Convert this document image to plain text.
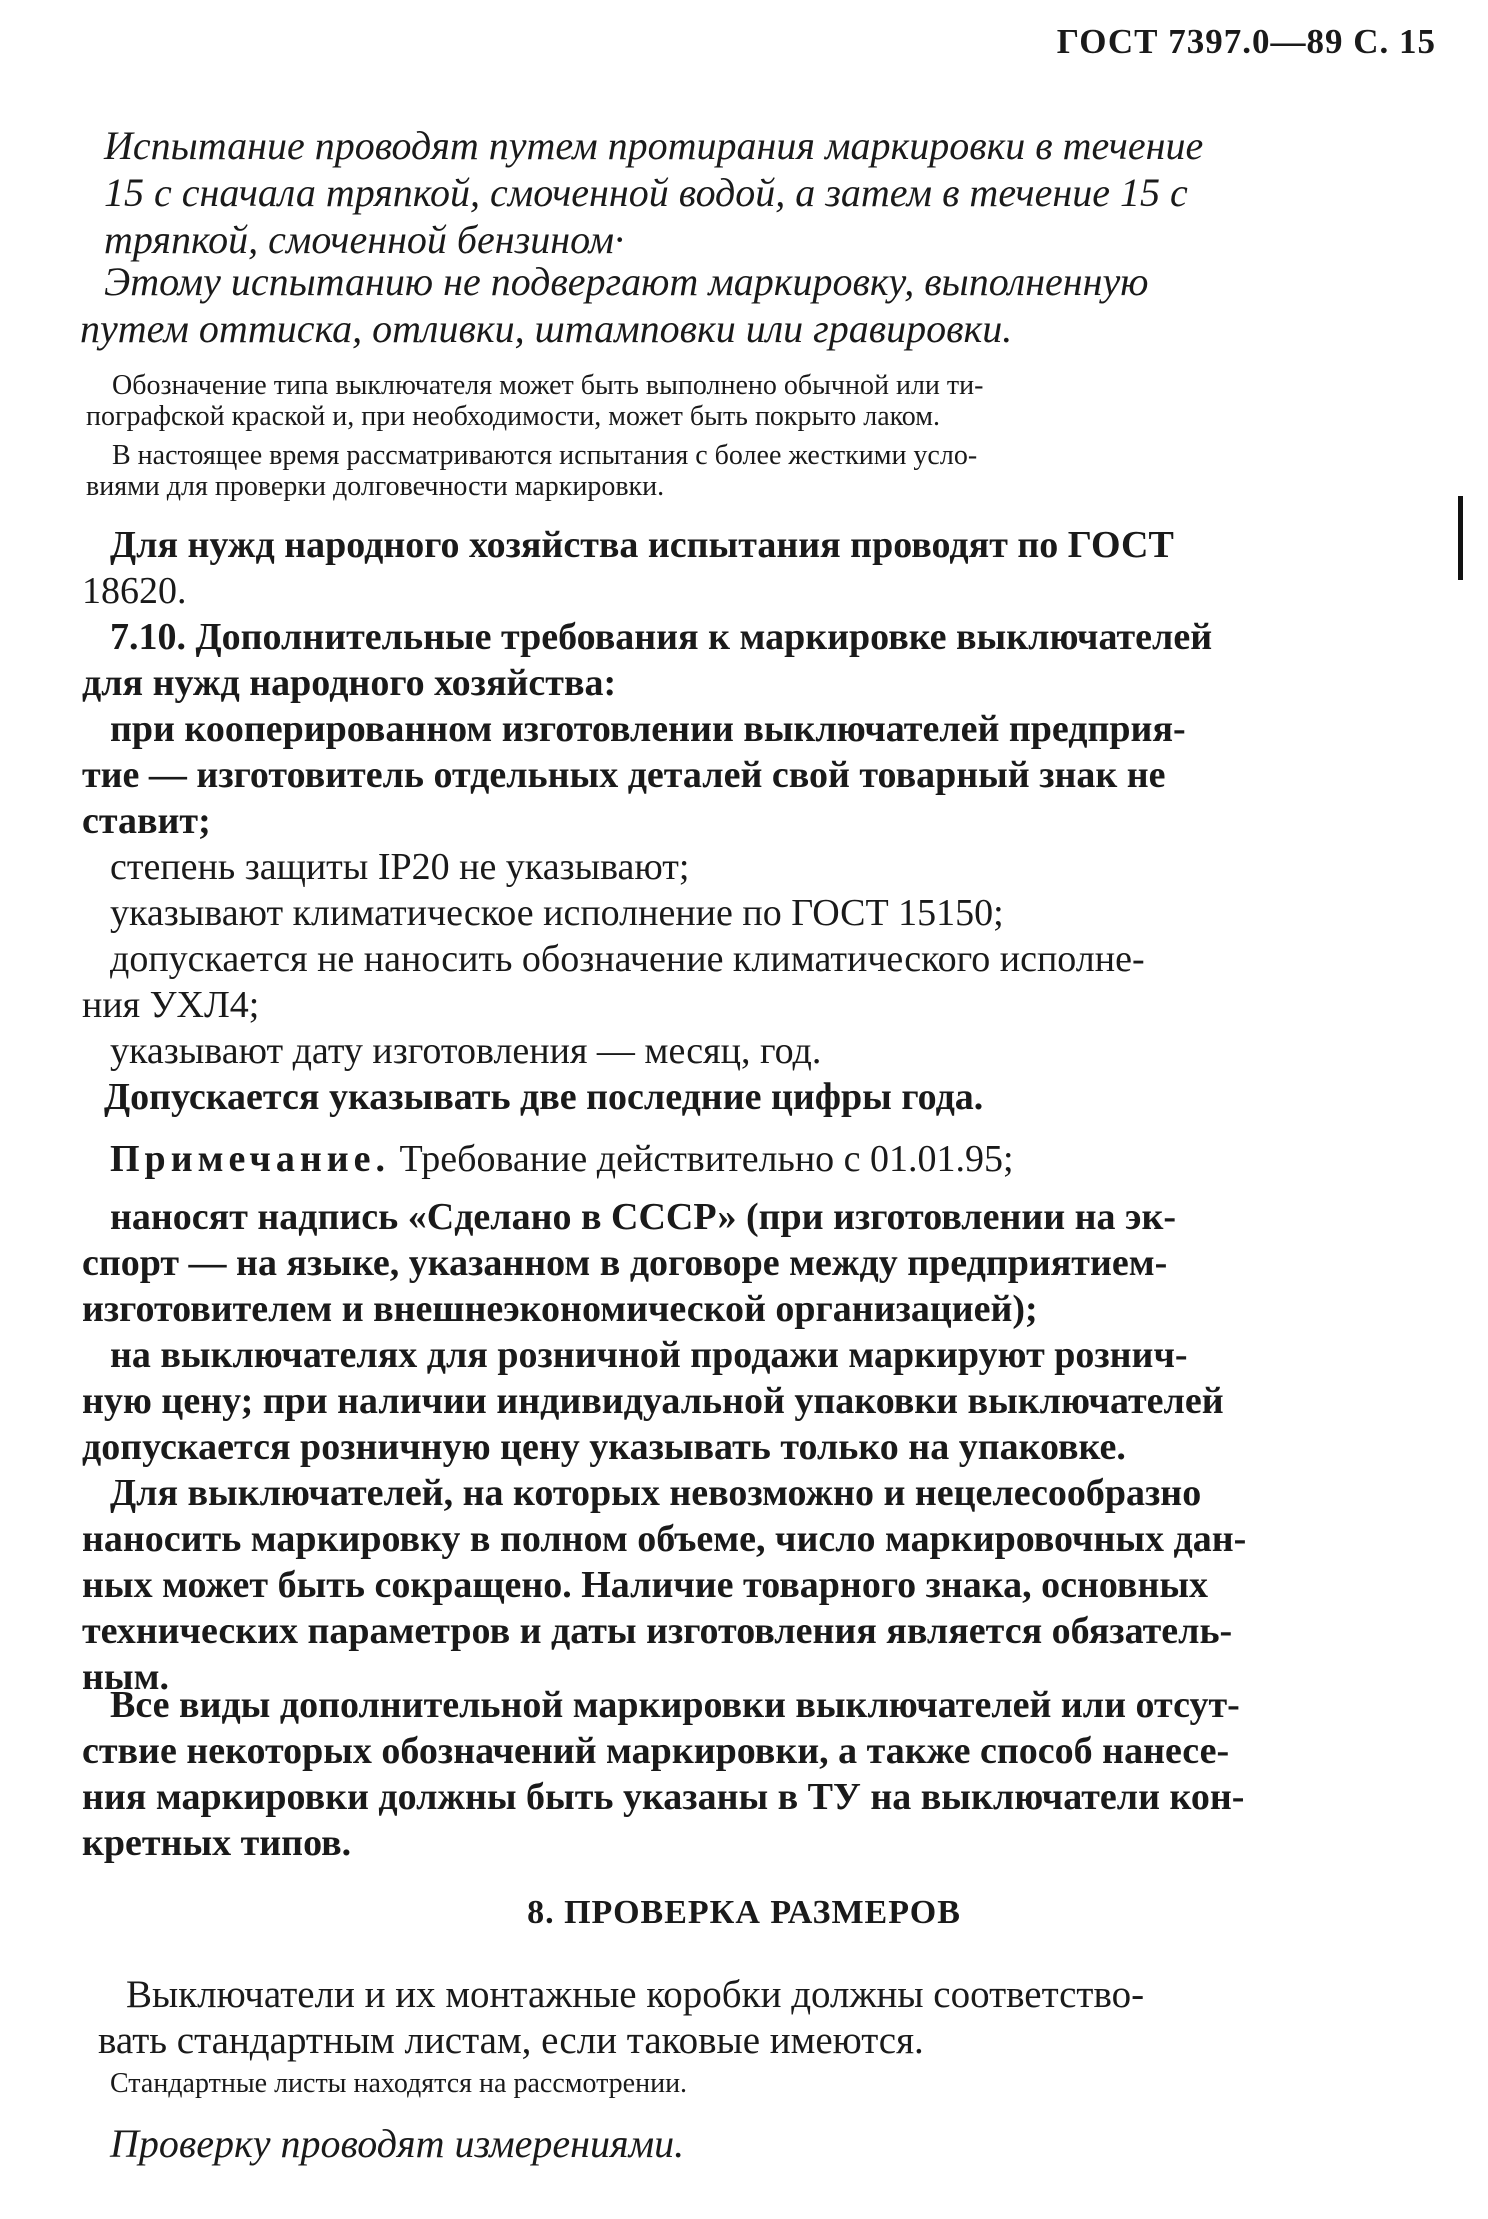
ГОСТ 7397.0—89 С. 15
Испытание проводят путем протирания маркировки в течение
15 с сначала тряпкой, смоченной водой, а затем в течение 15 с
тряпкой, смоченной бензином·
Этому испытанию не подвергают маркировку, выполненную
путем оттиска, отливки, штамповки или гравировки.
Обозначение типа выключателя может быть выполнено обычной или ти-
пографской краской и, при необходимости, может быть покрыто лаком.
В настоящее время рассматриваются испытания с более жесткими усло-
виями для проверки долговечности маркировки.
Для нужд народного хозяйства испытания проводят по ГОСТ
18620.
7.10. Дополнительные требования к маркировке выключателей
для нужд народного хозяйства:
при кооперированном изготовлении выключателей предприя-
тие — изготовитель отдельных деталей свой товарный знак не
ставит;
степень защиты IP20 не указывают;
указывают климатическое исполнение по ГОСТ 15150;
допускается не наносить обозначение климатического исполне-
ния УХЛ4;
указывают дату изготовления — месяц, год.
Допускается указывать две последние цифры года.
Примечание. Требование действительно с 01.01.95;
наносят надпись «Сделано в СССР» (при изготовлении на эк-
спорт — на языке, указанном в договоре между предприятием-
изготовителем и внешнеэкономической организацией);
на выключателях для розничной продажи маркируют рознич-
ную цену; при наличии индивидуальной упаковки выключателей
допускается розничную цену указывать только на упаковке.
Для выключателей, на которых невозможно и нецелесообразно
наносить маркировку в полном объеме, число маркировочных дан-
ных может быть сокращено. Наличие товарного знака, основных
технических параметров и даты изготовления является обязатель-
ным.
Все виды дополнительной маркировки выключателей или отсут-
ствие некоторых обозначений маркировки, а также способ нанесе-
ния маркировки должны быть указаны в ТУ на выключатели кон-
кретных типов.
8. ПРОВЕРКА РАЗМЕРОВ
Выключатели и их монтажные коробки должны соответство-
вать стандартным листам, если таковые имеются.
Стандартные листы находятся на рассмотрении.
Проверку проводят измерениями.
